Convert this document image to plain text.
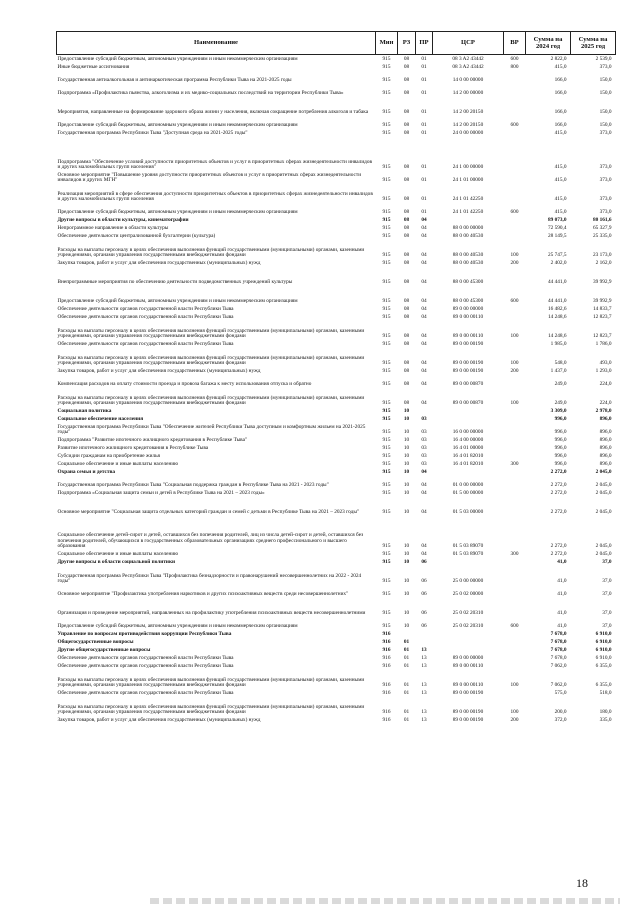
Наименование	Мин	РЗ	ПР	ЦСР	ВР	Сумма на 2024 год	Сумма на 2025 год
Предоставление субсидий бюджетным, автономным учреждениям и иным некоммерческим организациям	915	08	01	08 3 A2 43442	600	2 822,0	2 539,0
Иные бюджетные ассигнования	915	08	01	08 3 A2 43442	800	415,0	373,0
Государственная антиалкогольная и антинаркотическая программа Республики Тыва на 2021-2025 годы	915	08	01	14 0 00 00000		166,0	150,0
Подпрограмма «Профилактика пьянства, алкоголизма и их медико-социальных последствий на территории Республики Тыва»	915	08	01	14 2 00 00000		166,0	150,0
Мероприятия, направленные на формирование здорового образа жизни у населения, включая сокращение потребления алкоголя и табака	915	08	01	14 2 00 20150		166,0	150,0
Предоставление субсидий бюджетным, автономным учреждениям и иным некоммерческим организациям	915	08	01	14 2 00 20150	600	166,0	150,0
Государственная программа Республики Тыва "Доступная среда на 2021-2025 годы"	915	08	01	24 0 00 00000		415,0	373,0
Подпрограмма "Обеспечение условий доступности приоритетных объектов и услуг в приоритетных сферах жизнедеятельности инвалидов и других маломобильных групп населения"	915	08	01	24 1 00 00000		415,0	373,0
Основное мероприятие "Повышение уровня доступности приоритетных объектов и услуг в приоритетных сферах жизнедеятельности инвалидов и других МГН"	915	08	01	24 1 01 00000		415,0	373,0
Реализация мероприятий в сфере обеспечения доступности приоритетных объектов в приоритетных сферах жизнедеятельности инвалидов и других маломобильных групп населения	915	08	01	24 1 01 42250		415,0	373,0
Предоставление субсидий бюджетным, автономным учреждениям и иным некоммерческим организациям	915	08	01	24 1 01 42250	600	415,0	373,0
Другие вопросы в области культуры, кинематографии	915	08	04			89 073,0	80 161,6
Непрограммное направление в области культуры	915	08	04	88 0 00 00000		72 590,4	65 327,9
Обеспечение деятельности централизованной бухгалтерии (культура)	915	08	04	88 0 00 40530		28 149,5	25 335,0
Расходы на выплаты персоналу в целях обеспечения выполнения функций государственными (муниципальными) органами, казенными учреждениями, органами управления государственными внебюджетными фондами	915	08	04	88 0 00 40530	100	25 747,5	23 173,0
Закупка товаров, работ и услуг для обеспечения государственных (муниципальных) нужд	915	08	04	88 0 00 40530	200	2 402,0	2 162,0
Внепрограммные мероприятия по обеспечению деятельности подведомственных учреждений культуры	915	08	04	88 0 00 45300		44 441,0	39 992,9
Предоставление субсидий бюджетным, автономным учреждениям и иным некоммерческим организациям	915	08	04	88 0 00 45300	600	44 441,0	39 992,9
Обеспечение деятельности органов государственной власти Республики Тыва	915	08	04	89 0 00 00000		16 482,6	14 833,7
Обеспечение деятельности органов государственной власти Республики Тыва	915	08	04	89 0 00 00110		14 248,6	12 823,7
Расходы на выплаты персоналу в целях обеспечения выполнения функций государственными (муниципальными) органами, казенными учреждениями, органами управления государственными внебюджетными фондами	915	08	04	89 0 00 00110	100	14 248,6	12 823,7
Обеспечение деятельности органов государственной власти Республики Тыва	915	08	04	89 0 00 00190		1 985,0	1 786,0
Расходы на выплаты персоналу в целях обеспечения выполнения функций государственными (муниципальными) органами, казенными учреждениями, органами управления государственными внебюджетными фондами	915	08	04	89 0 00 00190	100	548,0	493,0
Закупка товаров, работ и услуг для обеспечения государственных (муниципальных) нужд	915	08	04	89 0 00 00190	200	1 437,0	1 293,0
Компенсация расходов на оплату стоимости проезда и провоза багажа к месту использования отпуска и обратно	915	08	04	89 0 00 00870		249,0	224,0
Расходы на выплаты персоналу в целях обеспечения выполнения функций государственными (муниципальными) органами, казенными учреждениями, органами управления государственными внебюджетными фондами	915	08	04	89 0 00 00870	100	249,0	224,0
Социальная политика	915	10				3 309,0	2 978,0
Социальное обеспечение населения	915	10	03			996,0	896,0
Государственная программа Республики Тыва "Обеспечение жителей Республики Тыва доступным и комфортным жильем на 2021-2025 годы"	915	10	03	16 0 00 00000		996,0	896,0
Подпрограмма "Развитие ипотечного жилищного кредитования в Республике Тыва"	915	10	03	16 4 00 00000		996,0	896,0
Развитие ипотечного жилищного кредитования в Республике Тыва	915	10	03	16 4 01 00000		996,0	896,0
Субсидии гражданам на приобретение жилья	915	10	03	16 4 01 82010		996,0	896,0
Социальное обеспечение и иные выплаты населению	915	10	03	16 4 01 82010	300	996,0	896,0
Охрана семьи и детства	915	10	04			2 272,0	2 045,0
Государственная программа Республики Тыва "Социальная поддержка граждан в Республике Тыва на 2021 - 2023 годы"	915	10	04	01 0 00 00000		2 272,0	2 045,0
Подпрограмма «Социальная защита семьи и детей в Республике Тыва на 2021 – 2023 годы»	915	10	04	01 5 00 00000		2 272,0	2 045,0
Основное мероприятие "Социальная защита отдельных категорий граждан и семей с детьми в Республике Тыва на 2021 – 2023 годы"	915	10	04	01 5 03 00000		2 272,0	2 045,0
Социальное обеспечение детей-сирот и детей, оставшихся без попечения родителей, лиц из числа детей-сирот и детей, оставшихся без попечения родителей, обучающихся в государственных образовательных организациях среднего профессионального и высшего образования	915	10	04	01 5 03 89070		2 272,0	2 045,0
Социальное обеспечение и иные выплаты населению	915	10	04	01 5 03 89070	300	2 272,0	2 045,0
Другие вопросы в области социальной политики	915	10	06			41,0	37,0
Государственная программа Республики Тыва "Профилактика безнадзорности и правонарушений несовершеннолетних на 2022 - 2024 годы"	915	10	06	25 0 00 00000		41,0	37,0
Основное мероприятие "Профилактика употребления наркотиков и других психоактивных веществ среди несовершеннолетних"	915	10	06	25 0 02 00000		41,0	37,0
Организация и проведение мероприятий, направленных на профилактику употребления психоактивных веществ несовершеннолетними	915	10	06	25 0 02 20310		41,0	37,0
Предоставление субсидий бюджетным, автономным учреждениям и иным некоммерческим организациям	915	10	06	25 0 02 20310	600	41,0	37,0
Управление по вопросам противодействия коррупции Республики Тыва	916					7 678,0	6 910,0
Общегосударственные вопросы	916	01				7 678,0	6 910,0
Другие общегосударственные вопросы	916	01	13			7 678,0	6 910,0
Обеспечение деятельности органов государственной власти Республики Тыва	916	01	13	89 0 00 00000		7 678,0	6 910,0
Обеспечение деятельности органов государственной власти Республики Тыва	916	01	13	89 0 00 00110		7 062,0	6 355,0
Расходы на выплаты персоналу в целях обеспечения выполнения функций государственными (муниципальными) органами, казенными учреждениями, органами управления государственными внебюджетными фондами	916	01	13	89 0 00 00110	100	7 062,0	6 355,0
Обеспечение деятельности органов государственной власти Республики Тыва	916	01	13	89 0 00 00190		575,0	518,0
Расходы на выплаты персоналу в целях обеспечения выполнения функций государственными (муниципальными) органами, казенными учреждениями, органами управления государственными внебюджетными фондами	916	01	13	89 0 00 00190	100	200,0	180,0
Закупка товаров, работ и услуг для обеспечения государственных (муниципальных) нужд	916	01	13	89 0 00 00190	200	372,0	335,0
18
